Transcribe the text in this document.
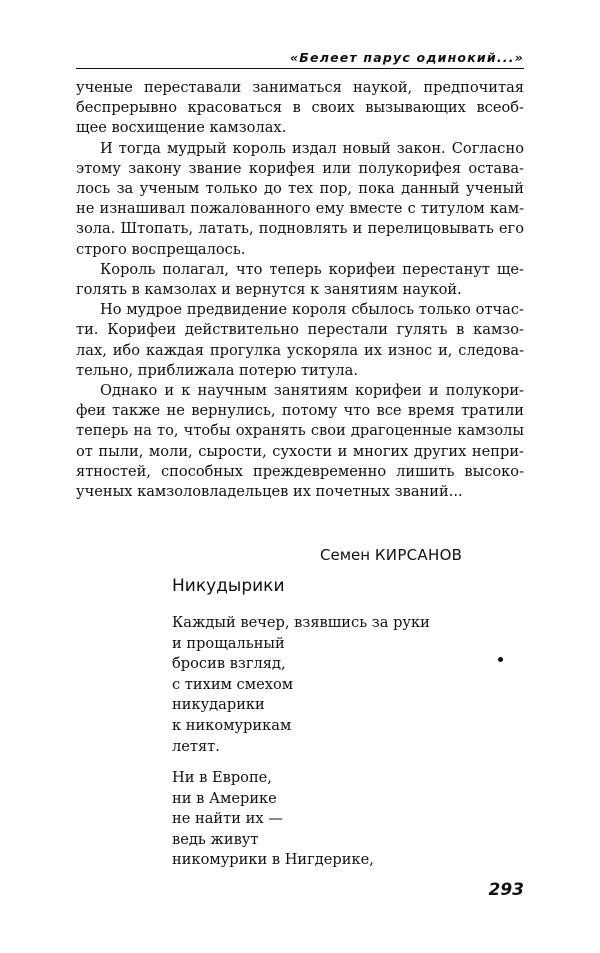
«Белеет парус одинокий...»

ученые переставали заниматься наукой, предпочитая
беспрерывно красоваться в своих вызывающих всеоб-
щее восхищение камзолах.

И тогда мудрый король издал новый закон. Согласно
этому закону звание корифея или полукорифея остава-
лось за ученым только до тех пор, пока данный ученый
не изнашивал пожалованного ему вместе с титулом кам-
зола. Штопать, латать, подновлять и перелицовывать его
строго воспрещалось.

Король полагал, что теперь корифеи перестанут ще-
голять в камзолах и вернутся к занятиям наукой.

Но мудрое предвидение короля сбылось только отчас-
ти. Корифеи действительно перестали гулять в камзо-
лах, ибо каждая прогулка ускоряла их износ и, следова-
тельно, приближала потерю титула.

Однако и к научным занятиям корифеи и полукори-
феи также не вернулись, потому что все время тратили
теперь на то, чтобы охранять свои драгоценные камзолы
от пыли, моли, сырости, сухости и многих других непри-
ятностей, способных преждевременно лишить высоко-
ученых камзоловладельцев их почетных званий...

Семен КИРСАНОВ
Никудырики
Каждый вечер, взявшись за руки
и прощальный
бросив взгляд,
с тихим смехом
никударики
к никомурикам
летят.
Ни в Европе,
ни в Америке
не найти их —
ведь живут
никомурики в Нигдерике,
293
